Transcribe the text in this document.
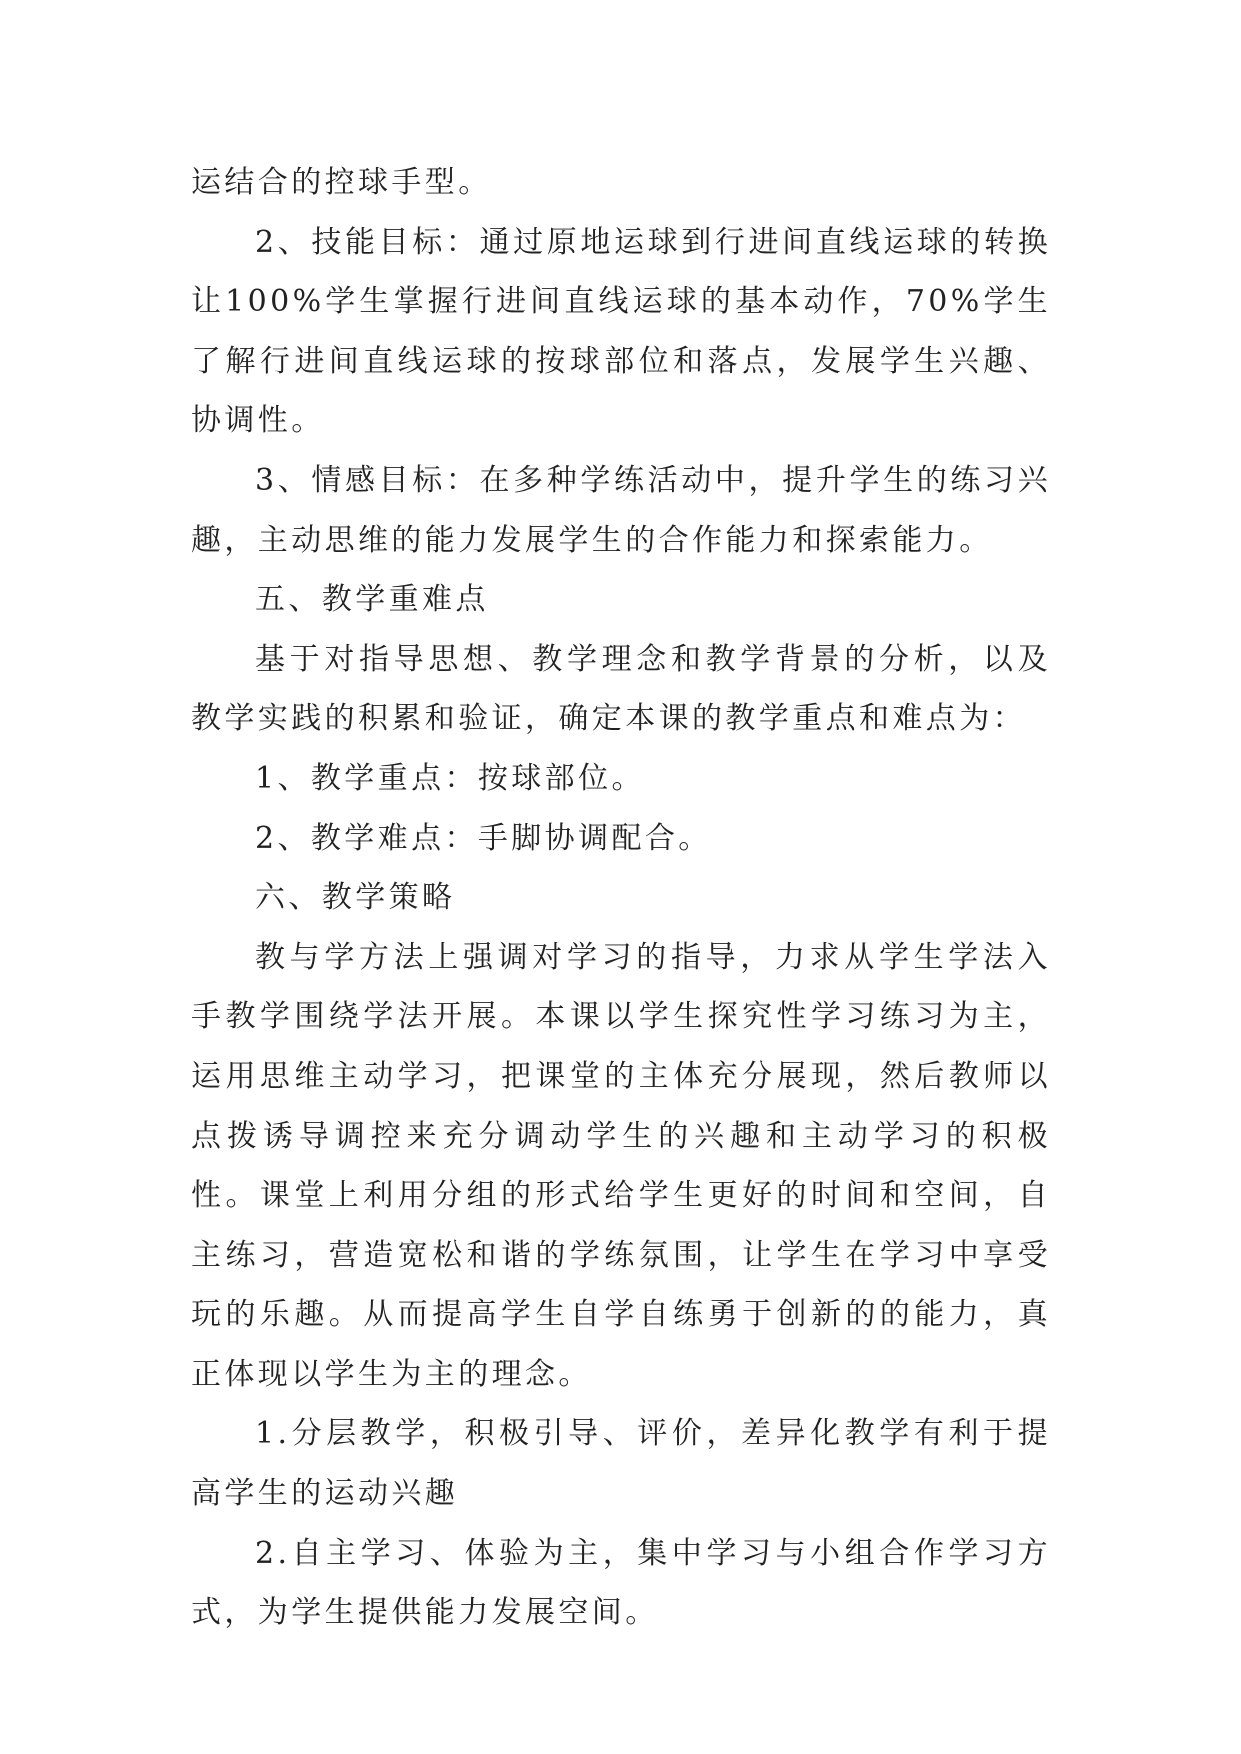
运结合的控球手型。

2、技能目标：通过原地运球到行进间直线运球的转换让100%学生掌握行进间直线运球的基本动作，70%学生了解行进间直线运球的按球部位和落点，发展学生兴趣、协调性。

3、情感目标：在多种学练活动中，提升学生的练习兴趣，主动思维的能力发展学生的合作能力和探索能力。

五、教学重难点

基于对指导思想、教学理念和教学背景的分析，以及教学实践的积累和验证，确定本课的教学重点和难点为：

1、教学重点：按球部位。

2、教学难点：手脚协调配合。

六、教学策略

教与学方法上强调对学习的指导，力求从学生学法入手教学围绕学法开展。本课以学生探究性学习练习为主，运用思维主动学习，把课堂的主体充分展现，然后教师以点拨诱导调控来充分调动学生的兴趣和主动学习的积极性。课堂上利用分组的形式给学生更好的时间和空间，自主练习，营造宽松和谐的学练氛围，让学生在学习中享受玩的乐趣。从而提高学生自学自练勇于创新的的能力，真正体现以学生为主的理念。

1.分层教学，积极引导、评价，差异化教学有利于提高学生的运动兴趣

2.自主学习、体验为主，集中学习与小组合作学习方式，为学生提供能力发展空间。
